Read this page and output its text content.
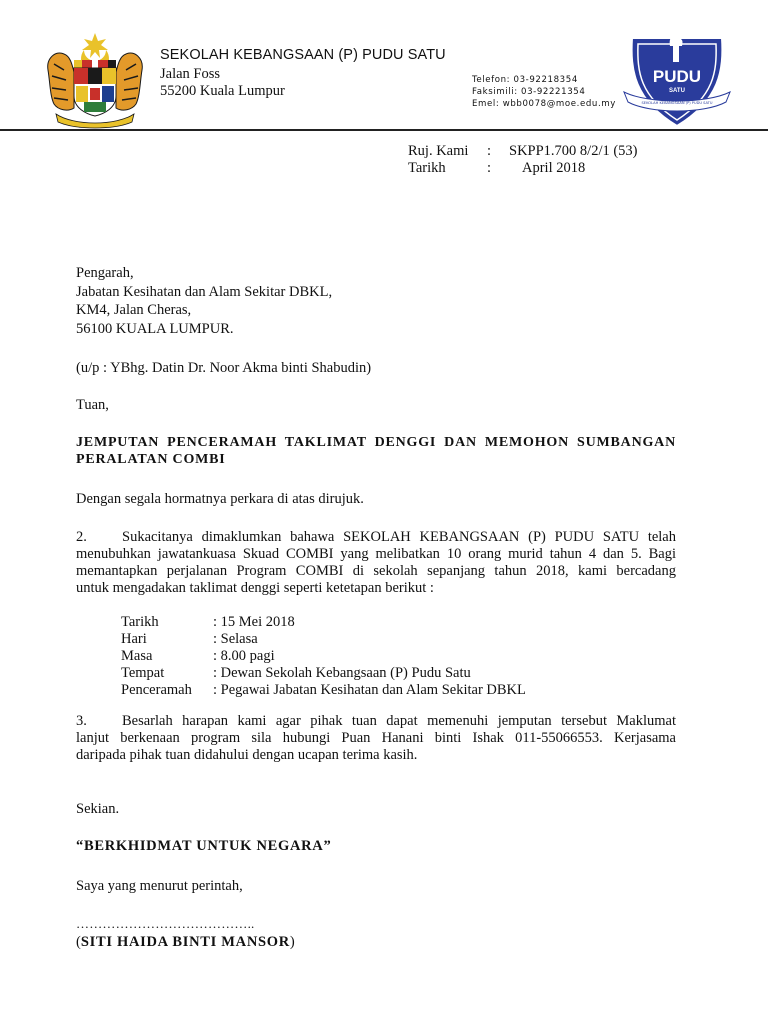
SEKOLAH KEBANGSAAN (P) PUDU SATU
Jalan Foss
55200 Kuala Lumpur
Telefon: 03-92218354
Faksimili: 03-92221354
Emel: wbb0078@moe.edu.my	SEKOLAH KEBANGSAAN (P) PUDU SATU
PUDU
SATU
Ruj. Kami : SKPP1.700 8/2/1 (53)
Tarikh	: April 2018
Pengarah,
Jabatan Kesihatan dan Alam Sekitar DBKL,
KM4, Jalan Cheras,
56100 KUALA LUMPUR.
(u/p : YBhg. Datin Dr. Noor Akma binti Shabudin)
Tuan,
JEMPUTAN PENCERAMAH TAKLIMAT DENGGI DAN MEMOHON SUMBANGAN
PERALATAN COMBI
Dengan segala hormatnya perkara di atas dirujuk.
2.	Sukacitanya dimaklumkan bahawa SEKOLAH KEBANGSAAN (P) PUDU SATU telah
menubuhkan jawatankuasa Skuad COMBI yang melibatkan 10 orang murid tahun 4 dan 5. Bagi
memantapkan perjalanan Program COMBI di sekolah sepanjang tahun 2018, kami bercadang
untuk mengadakan taklimat denggi seperti ketetapan berikut :
Tarikh	: 15 Mei 2018
Hari	: Selasa
Masa	: 8.00 pagi
Tempat	: Dewan Sekolah Kebangsaan (P) Pudu Satu
Penceramah : Pegawai Jabatan Kesihatan dan Alam Sekitar DBKL
3.	Besarlah harapan kami agar pihak tuan dapat memenuhi jemputan tersebut Maklumat
lanjut berkenaan program sila hubungi Puan Hanani binti Ishak 011-55066553. Kerjasama
daripada pihak tuan didahului dengan ucapan terima kasih.
Sekian.
“BERKHIDMAT UNTUK NEGARA”
Saya yang menurut perintah,
…………………………………..
(SITI HAIDA BINTI MANSOR)
